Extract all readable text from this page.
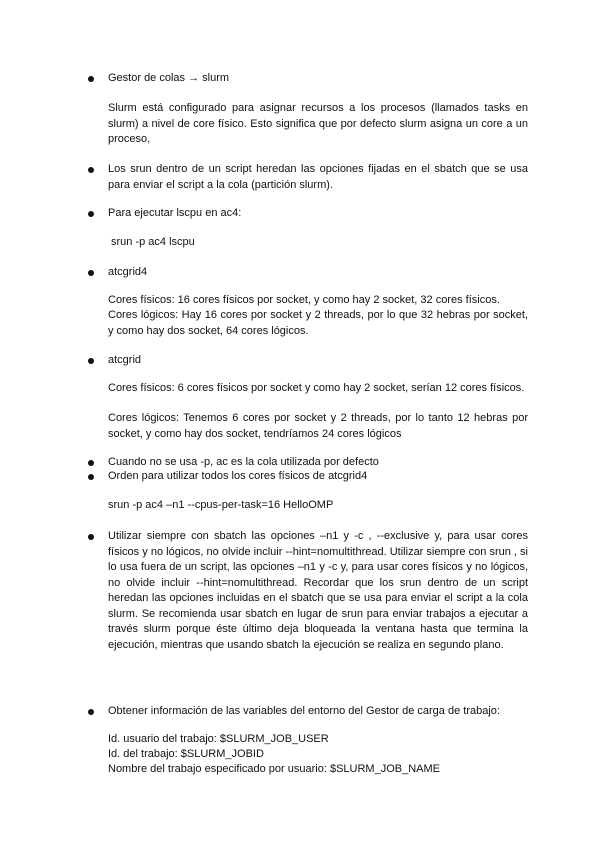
Gestor de colas → slurm
Slurm está configurado para asignar recursos a los procesos (llamados tasks en slurm) a nivel de core físico. Esto significa que por defecto slurm asigna un core a un proceso,
Los srun dentro de un script heredan las opciones fijadas en el sbatch que se usa para enviar el script a la cola (partición slurm).
Para ejecutar lscpu en ac4:
srun -p ac4 lscpu
atcgrid4
Cores físicos: 16 cores físicos por socket, y como hay 2 socket, 32 cores físicos.
Cores lógicos: Hay 16 cores por socket y 2 threads, por lo que 32 hebras por socket, y como hay dos socket, 64 cores lógicos.
atcgrid
Cores físicos: 6 cores físicos por socket y como hay 2 socket, serían 12 cores físicos.
Cores lógicos: Tenemos 6 cores por socket y 2 threads, por lo tanto 12 hebras por socket, y como hay dos socket, tendríamos 24 cores lógicos
Cuando no se usa -p, ac es la cola utilizada por defecto
Orden para utilizar todos los cores físicos de atcgrid4
srun -p ac4 –n1 --cpus-per-task=16 HelloOMP
Utilizar siempre con sbatch las opciones –n1 y -c , --exclusive y, para usar cores físicos y no lógicos, no olvide incluir --hint=nomultithread. Utilizar siempre con srun , si lo usa fuera de un script, las opciones –n1 y -c y, para usar cores físicos y no lógicos, no olvide incluir --hint=nomultithread. Recordar que los srun dentro de un script heredan las opciones incluidas en el sbatch que se usa para enviar el script a la cola slurm. Se recomienda usar sbatch en lugar de srun para enviar trabajos a ejecutar a través slurm porque éste último deja bloqueada la ventana hasta que termina la ejecución, mientras que usando sbatch la ejecución se realiza en segundo plano.
Obtener información de las variables del entorno del Gestor de carga de trabajo:
Id. usuario del trabajo: $SLURM_JOB_USER
Id. del trabajo: $SLURM_JOBID
Nombre del trabajo especificado por usuario: $SLURM_JOB_NAME
